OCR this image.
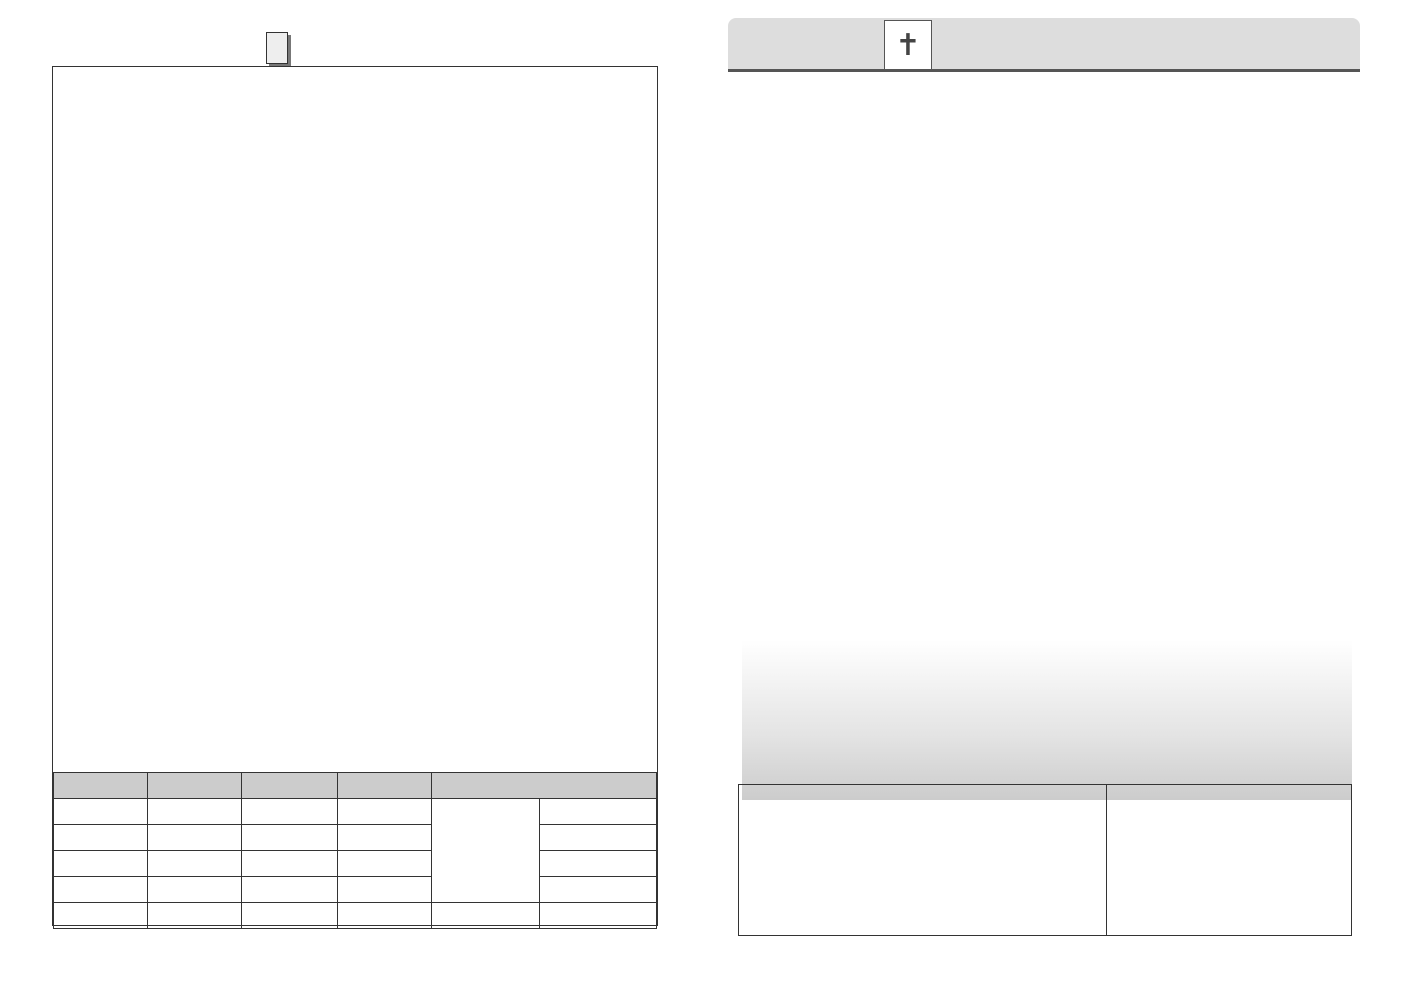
✝
